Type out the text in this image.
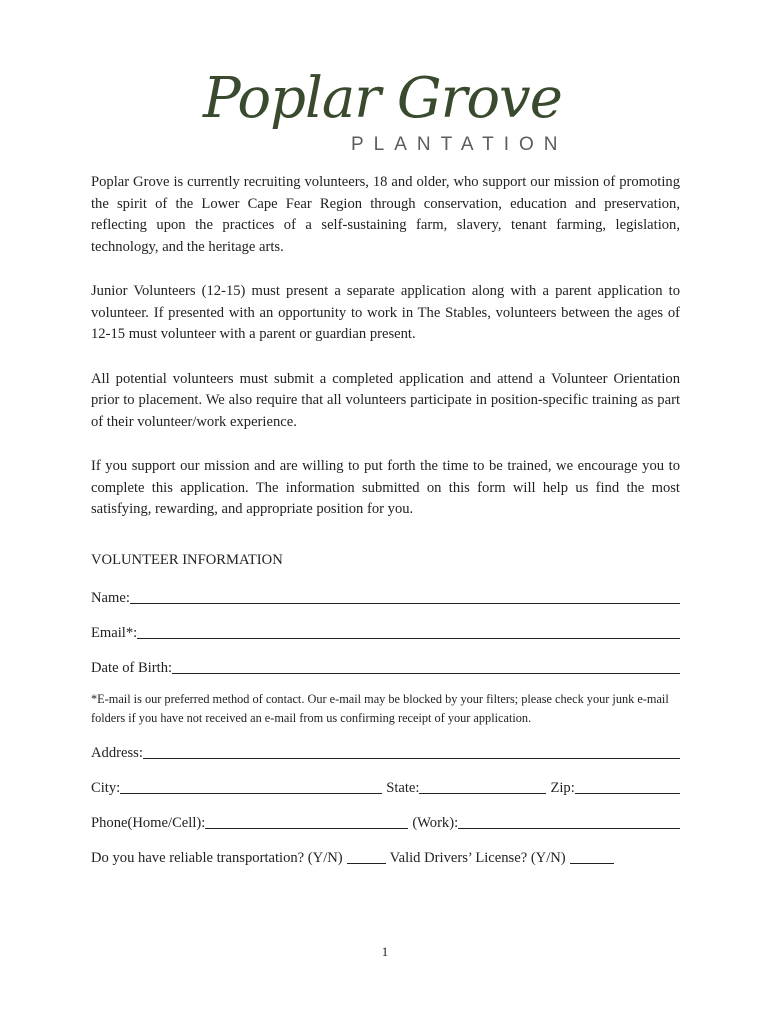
Poplar Grove
PLANTATION

Poplar Grove is currently recruiting volunteers, 18 and older, who support our mission of promoting the spirit of the Lower Cape Fear Region through conservation, education and preservation, reflecting upon the practices of a self-sustaining farm, slavery, tenant farming, legislation, technology, and the heritage arts.

Junior Volunteers (12-15) must present a separate application along with a parent application to volunteer. If presented with an opportunity to work in The Stables, volunteers between the ages of 12-15 must volunteer with a parent or guardian present.

All potential volunteers must submit a completed application and attend a Volunteer Orientation prior to placement. We also require that all volunteers participate in position-specific training as part of their volunteer/work experience.

If you support our mission and are willing to put forth the time to be trained, we encourage you to complete this application. The information submitted on this form will help us find the most satisfying, rewarding, and appropriate position for you.

VOLUNTEER INFORMATION
Name:
Email*:
Date of Birth:
*E-mail is our preferred method of contact. Our e-mail may be blocked by your filters; please check your junk e-mail folders if you have not received an e-mail from us confirming receipt of your application.
Address:
City:	State:	Zip:
Phone(Home/Cell):	(Work):
Do you have reliable transportation? (Y/N)	Valid Drivers’ License? (Y/N)
1
